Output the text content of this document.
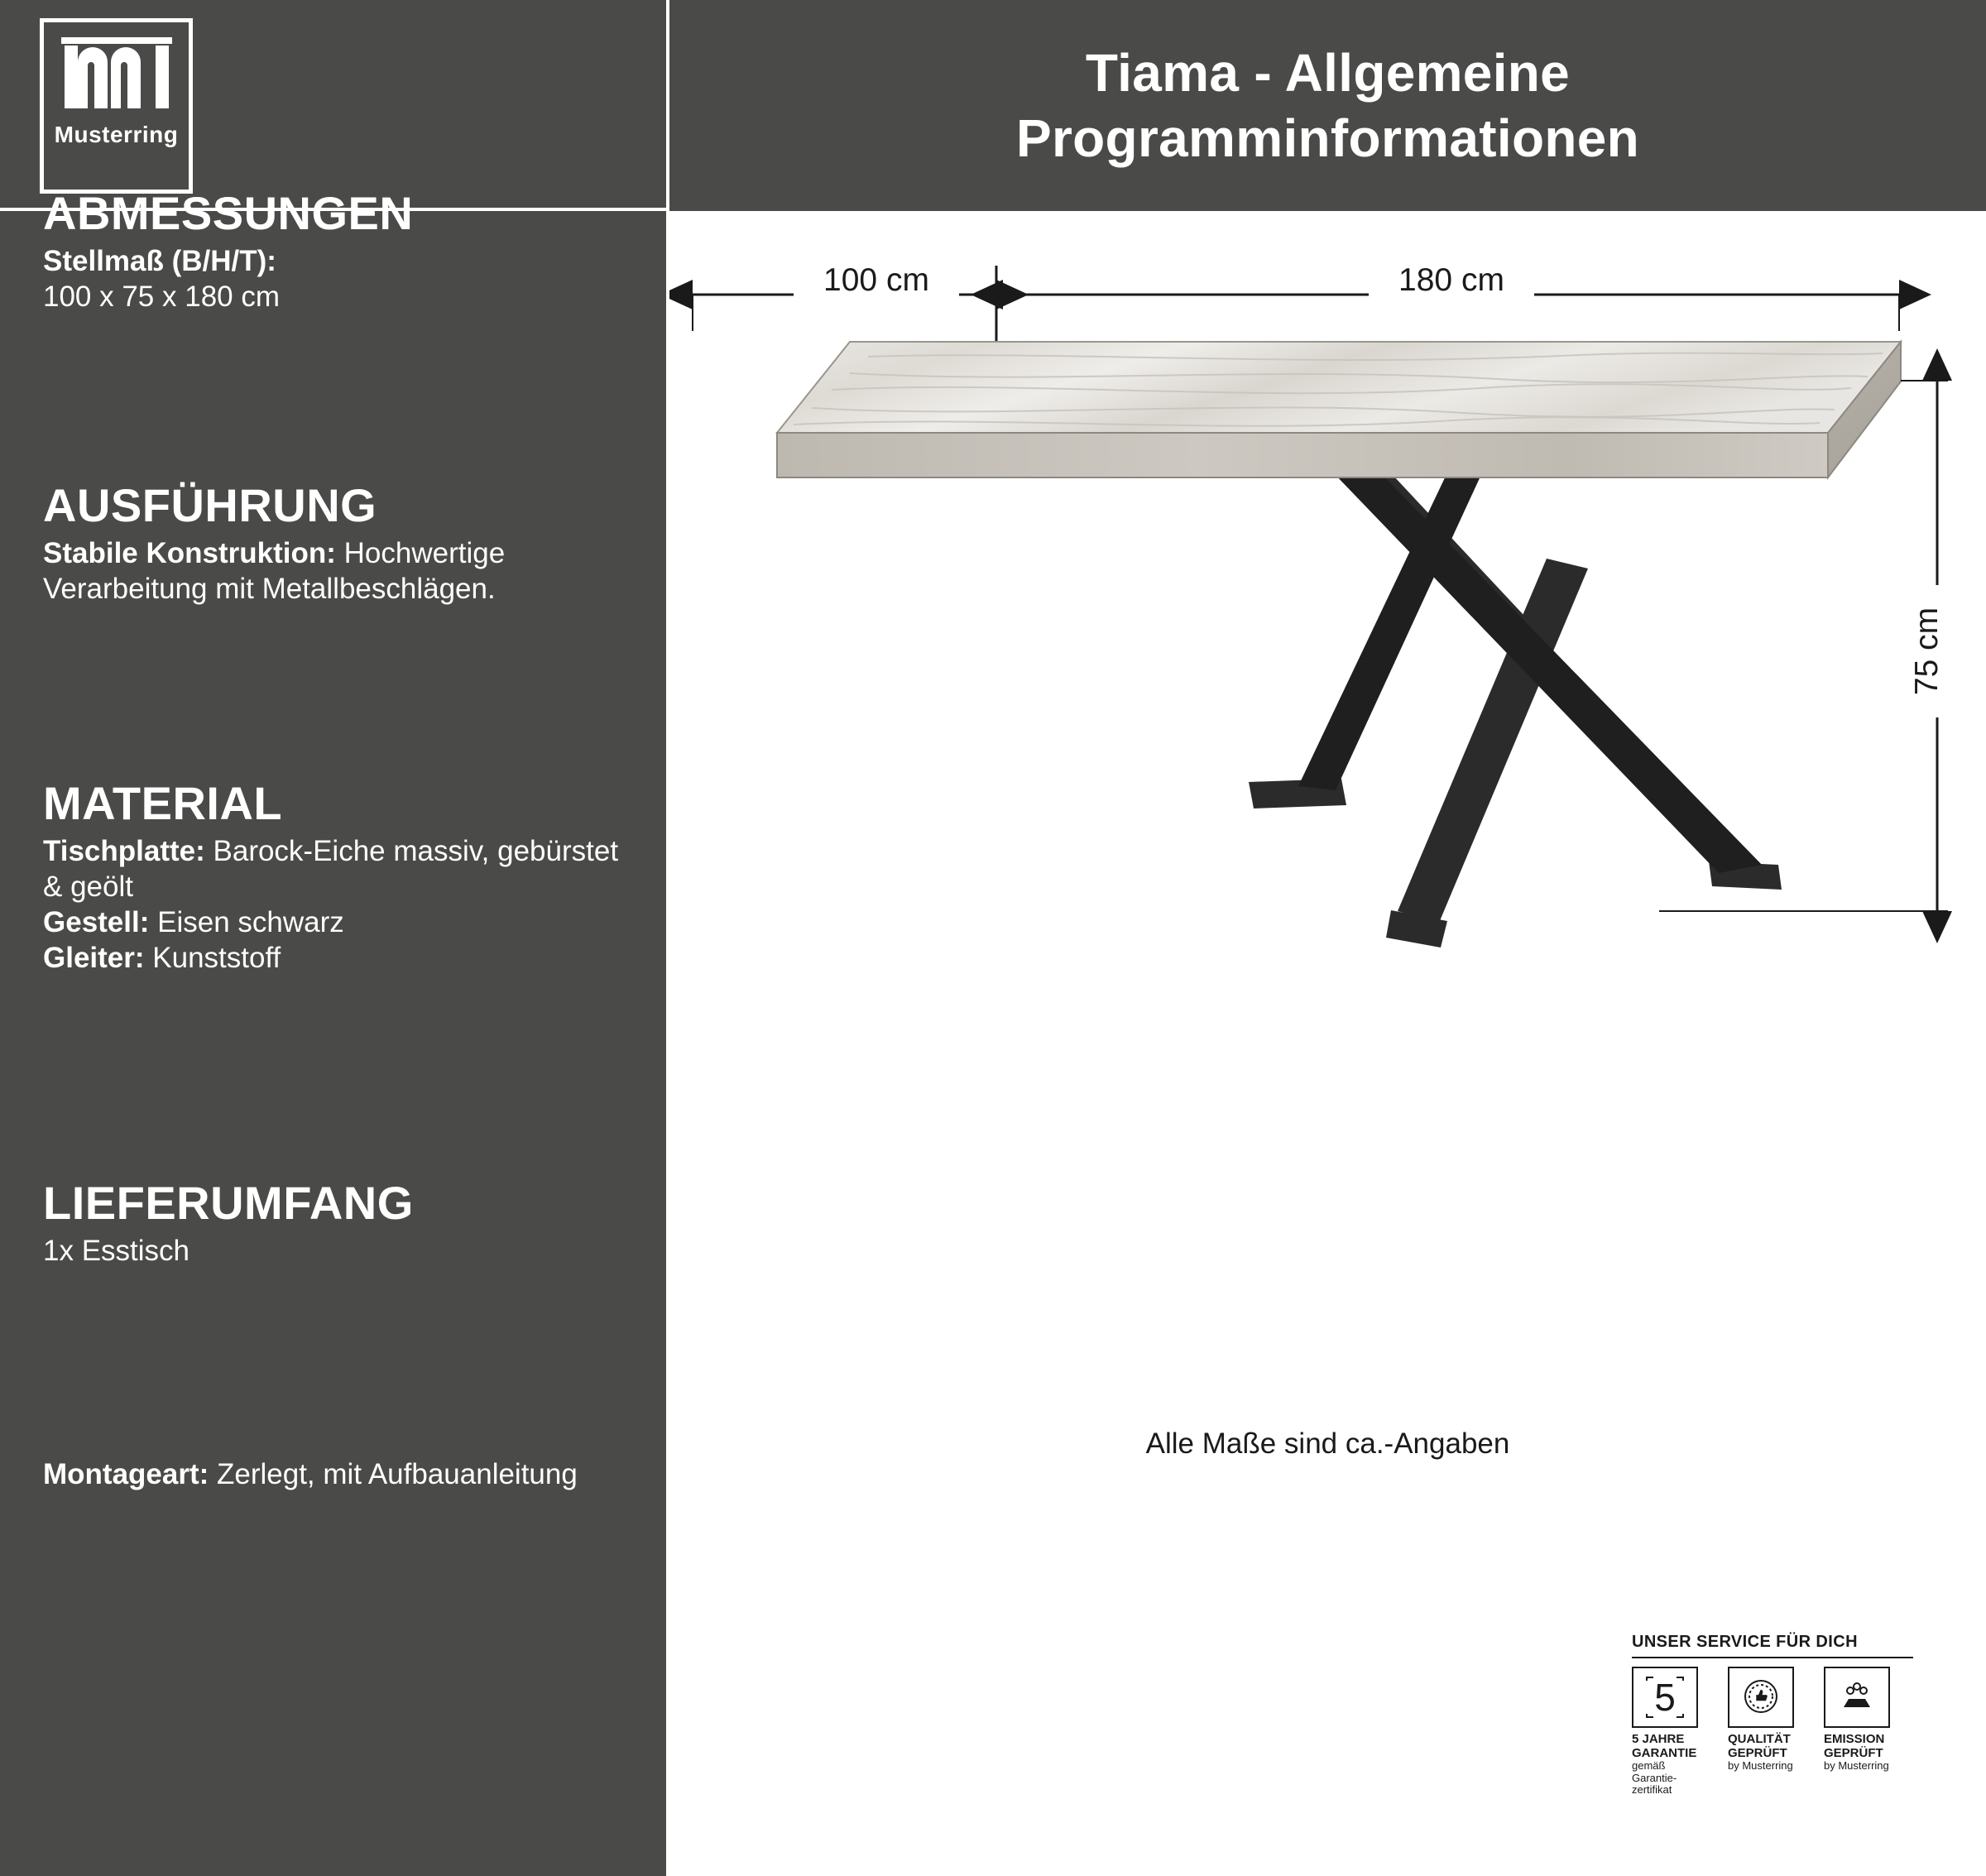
Musterring
ABMESSUNGEN

Stellmaß (B/H/T):
100 x 75 x 180 cm

AUSFÜHRUNG

Stabile Konstruktion: Hochwertige Verarbeitung mit Metallbeschlägen.

MATERIAL

Tischplatte: Barock-Eiche massiv, gebürstet & geölt

Gestell: Eisen schwarz

Gleiter: Kunststoff

LIEFERUMFANG

1x Esstisch

Montageart: Zerlegt, mit Aufbauanleitung

Tiama - Allgemeine
Programminformationen
100 cm	180 cm
75 cm
Alle Maße sind ca.-Angaben
UNSER SERVICE FÜR DICH
5
5 JAHRE GARANTIE
gemäß Garantie-zertifikat
QUALITÄT GEPRÜFT
by Musterring
EMISSION GEPRÜFT
by Musterring
